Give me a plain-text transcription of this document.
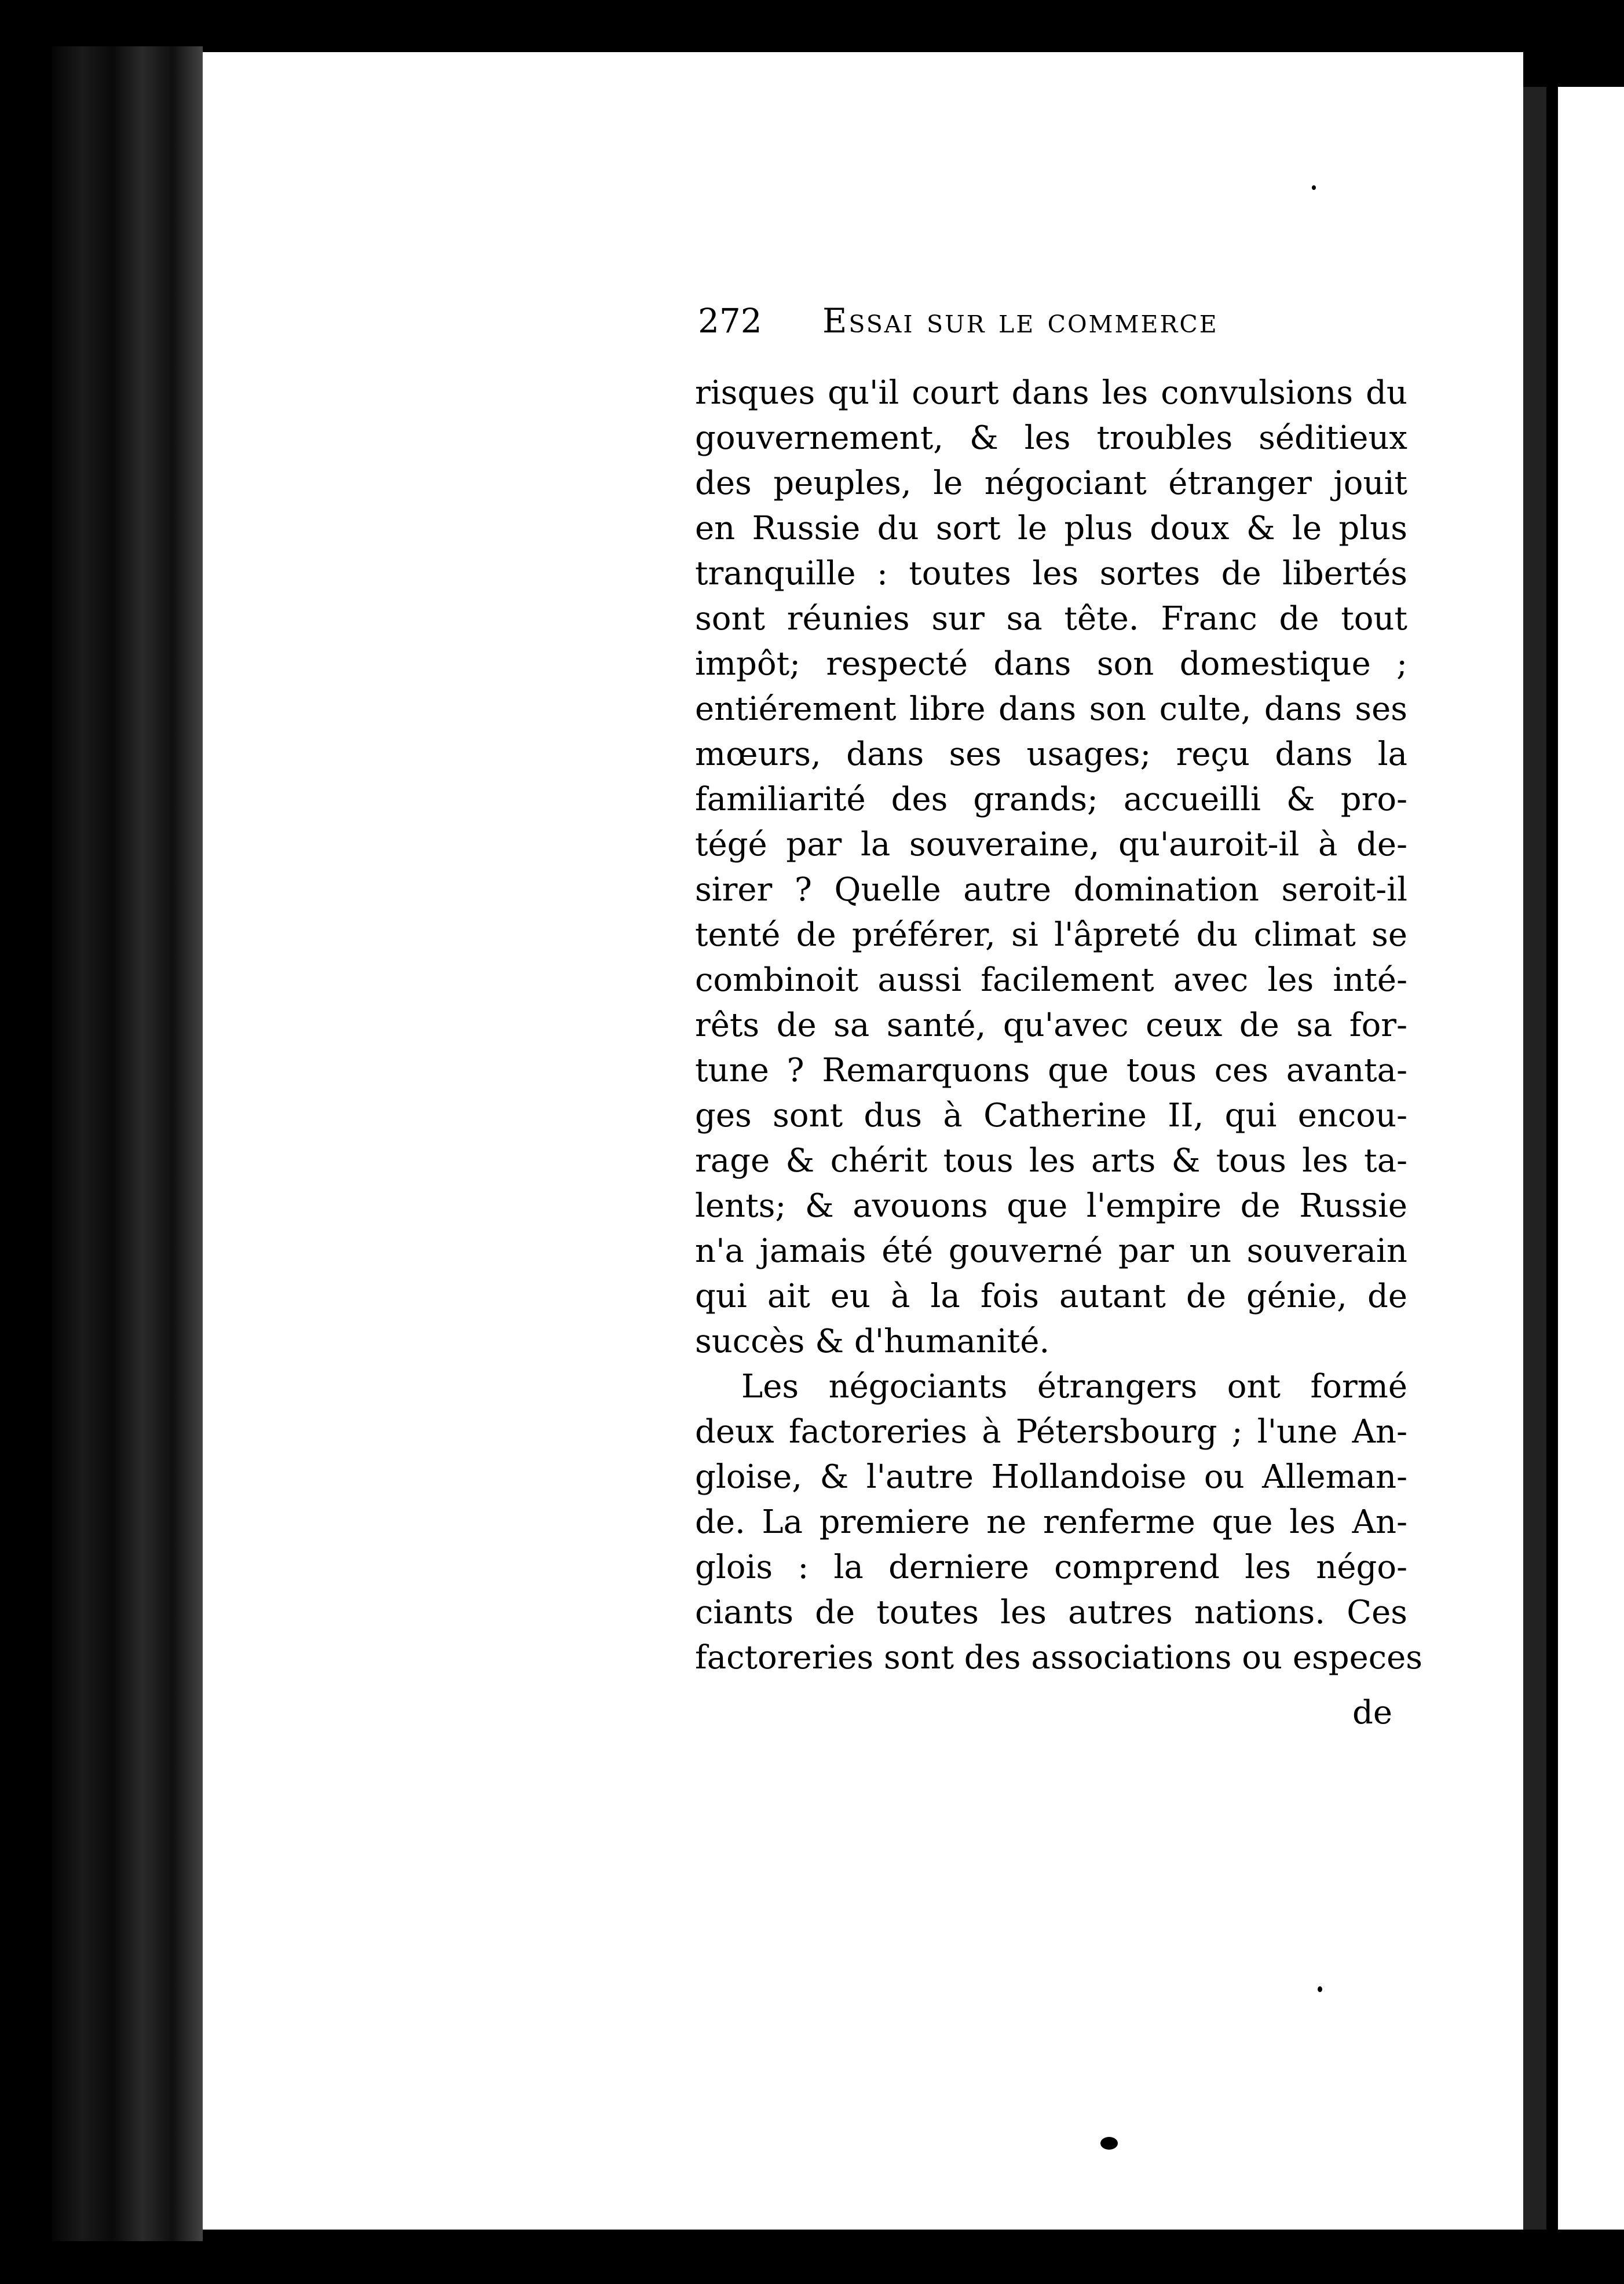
272 Essai sur le commerce
risques qu'il court dans les convulsions du
gouvernement, & les troubles séditieux
des peuples, le négociant étranger jouit
en Russie du sort le plus doux & le plus
tranquille : toutes les sortes de libertés
sont réunies sur sa tête. Franc de tout
impôt; respecté dans son domestique ;
entiérement libre dans son culte, dans ses
mœurs, dans ses usages; reçu dans la
familiarité des grands; accueilli & pro-
tégé par la souveraine, qu'auroit-il à de-
sirer ? Quelle autre domination seroit-il
tenté de préférer, si l'âpreté du climat se
combinoit aussi facilement avec les inté-
rêts de sa santé, qu'avec ceux de sa for-
tune ? Remarquons que tous ces avanta-
ges sont dus à Catherine II, qui encou-
rage & chérit tous les arts & tous les ta-
lents; & avouons que l'empire de Russie
n'a jamais été gouverné par un souverain
qui ait eu à la fois autant de génie, de
succès & d'humanité.
Les négociants étrangers ont formé
deux factoreries à Pétersbourg ; l'une An-
gloise, & l'autre Hollandoise ou Alleman-
de. La premiere ne renferme que les An-
glois : la derniere comprend les négo-
ciants de toutes les autres nations. Ces
factoreries sont des associations ou especes
de
